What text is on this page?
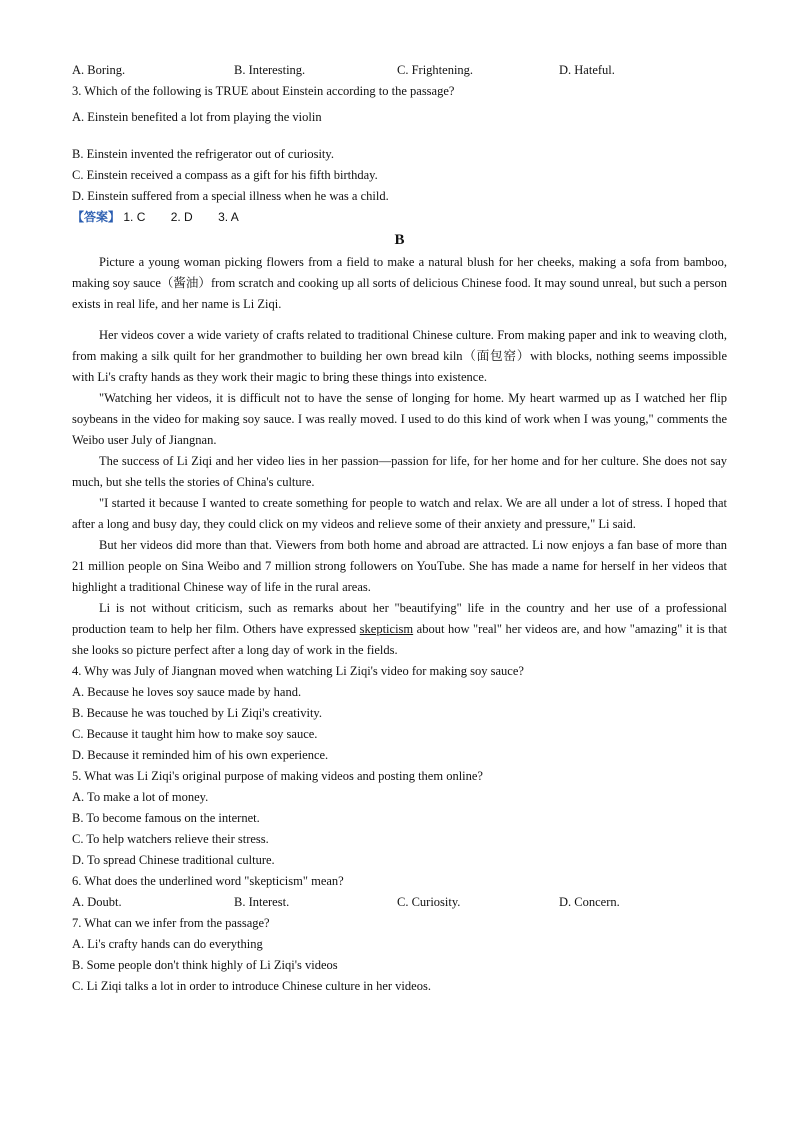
A. Boring.	B. Interesting.	C. Frightening.	D. Hateful.
3. Which of the following is TRUE about Einstein according to the passage?
A. Einstein benefited a lot from playing the violin
B. Einstein invented the refrigerator out of curiosity.
C. Einstein received a compass as a gift for his fifth birthday.
D. Einstein suffered from a special illness when he was a child.
【答案】 1. C 2. D 3. A
B

Picture a young woman picking flowers from a field to make a natural blush for her cheeks, making a sofa from bamboo, making soy sauce（酱油）from scratch and cooking up all sorts of delicious Chinese food. It may sound unreal, but such a person exists in real life, and her name is Li Ziqi.

Her videos cover a wide variety of crafts related to traditional Chinese culture. From making paper and ink to weaving cloth, from making a silk quilt for her grandmother to building her own bread kiln（面包窑）with blocks, nothing seems impossible with Li's crafty hands as they work their magic to bring these things into existence.

"Watching her videos, it is difficult not to have the sense of longing for home. My heart warmed up as I watched her flip soybeans in the video for making soy sauce. I was really moved. I used to do this kind of work when I was young," comments the Weibo user July of Jiangnan.

The success of Li Ziqi and her video lies in her passion—passion for life, for her home and for her culture. She does not say much, but she tells the stories of China's culture.

"I started it because I wanted to create something for people to watch and relax. We are all under a lot of stress. I hoped that after a long and busy day, they could click on my videos and relieve some of their anxiety and pressure," Li said.

But her videos did more than that. Viewers from both home and abroad are attracted. Li now enjoys a fan base of more than 21 million people on Sina Weibo and 7 million strong followers on YouTube. She has made a name for herself in her videos that highlight a traditional Chinese way of life in the rural areas.

Li is not without criticism, such as remarks about her "beautifying" life in the country and her use of a professional production team to help her film. Others have expressed skepticism about how "real" her videos are, and how "amazing" it is that she looks so picture perfect after a long day of work in the fields.

4. Why was July of Jiangnan moved when watching Li Ziqi's video for making soy sauce?
A. Because he loves soy sauce made by hand.
B. Because he was touched by Li Ziqi's creativity.
C. Because it taught him how to make soy sauce.
D. Because it reminded him of his own experience.
5. What was Li Ziqi's original purpose of making videos and posting them online?
A. To make a lot of money.
B. To become famous on the internet.
C. To help watchers relieve their stress.
D. To spread Chinese traditional culture.
6. What does the underlined word "skepticism" mean?
A. Doubt.	B. Interest.	C. Curiosity.	D. Concern.
7. What can we infer from the passage?
A. Li's crafty hands can do everything
B. Some people don't think highly of Li Ziqi's videos
C. Li Ziqi talks a lot in order to introduce Chinese culture in her videos.
